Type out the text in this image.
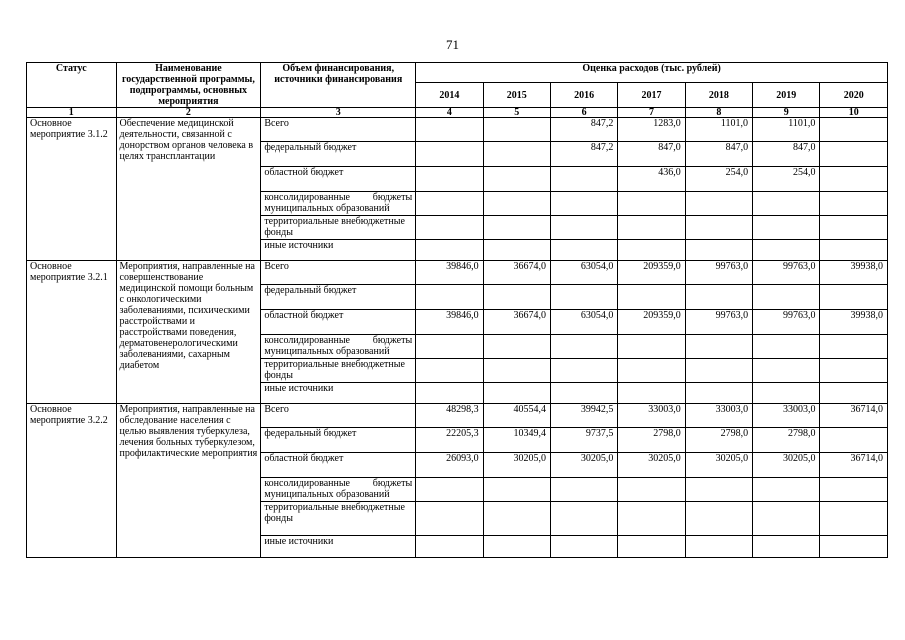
71
Статус	Наименование государственной программы, подпрограммы, основных мероприятия	Объем финансирования, источники финансирования	Оценка расходов (тыс. рублей)						
			2014	2015	2016	2017	2018	2019	2020
1	2	3	4	5	6	7	8	9	10
Основное мероприятие 3.1.2	Обеспечение медицинской деятельности, связанной с донорством органов человека в целях трансплантации	Всего			847,2	1283,0	1101,0	1101,0	
		федеральный бюджет			847,2	847,0	847,0	847,0	
		областной бюджет				436,0	254,0	254,0	
		консолидированные бюджеты муниципальных образований							
		территориальные внебюджетные фонды							
		иные источники							
Основное мероприятие 3.2.1	Мероприятия, направленные на совершенствование медицинской помощи больным с онкологическими заболеваниями, психическими расстройствами и расстройствами поведения, дерматовенерологическими заболеваниями, сахарным диабетом	Всего	39846,0	36674,0	63054,0	209359,0	99763,0	99763,0	39938,0
		федеральный бюджет							
		областной бюджет	39846,0	36674,0	63054,0	209359,0	99763,0	99763,0	39938,0
		консолидированные бюджеты муниципальных образований							
		территориальные внебюджетные фонды							
		иные источники							
Основное мероприятие 3.2.2	Мероприятия, направленные на обследование населения с целью выявления туберкулеза, лечения больных туберкулезом, профилактические мероприятия	Всего	48298,3	40554,4	39942,5	33003,0	33003,0	33003,0	36714,0
		федеральный бюджет	22205,3	10349,4	9737,5	2798,0	2798,0	2798,0	
		областной бюджет	26093,0	30205,0	30205,0	30205,0	30205,0	30205,0	36714,0
		консолидированные бюджеты муниципальных образований							
		территориальные внебюджетные фонды							
		иные источники							
